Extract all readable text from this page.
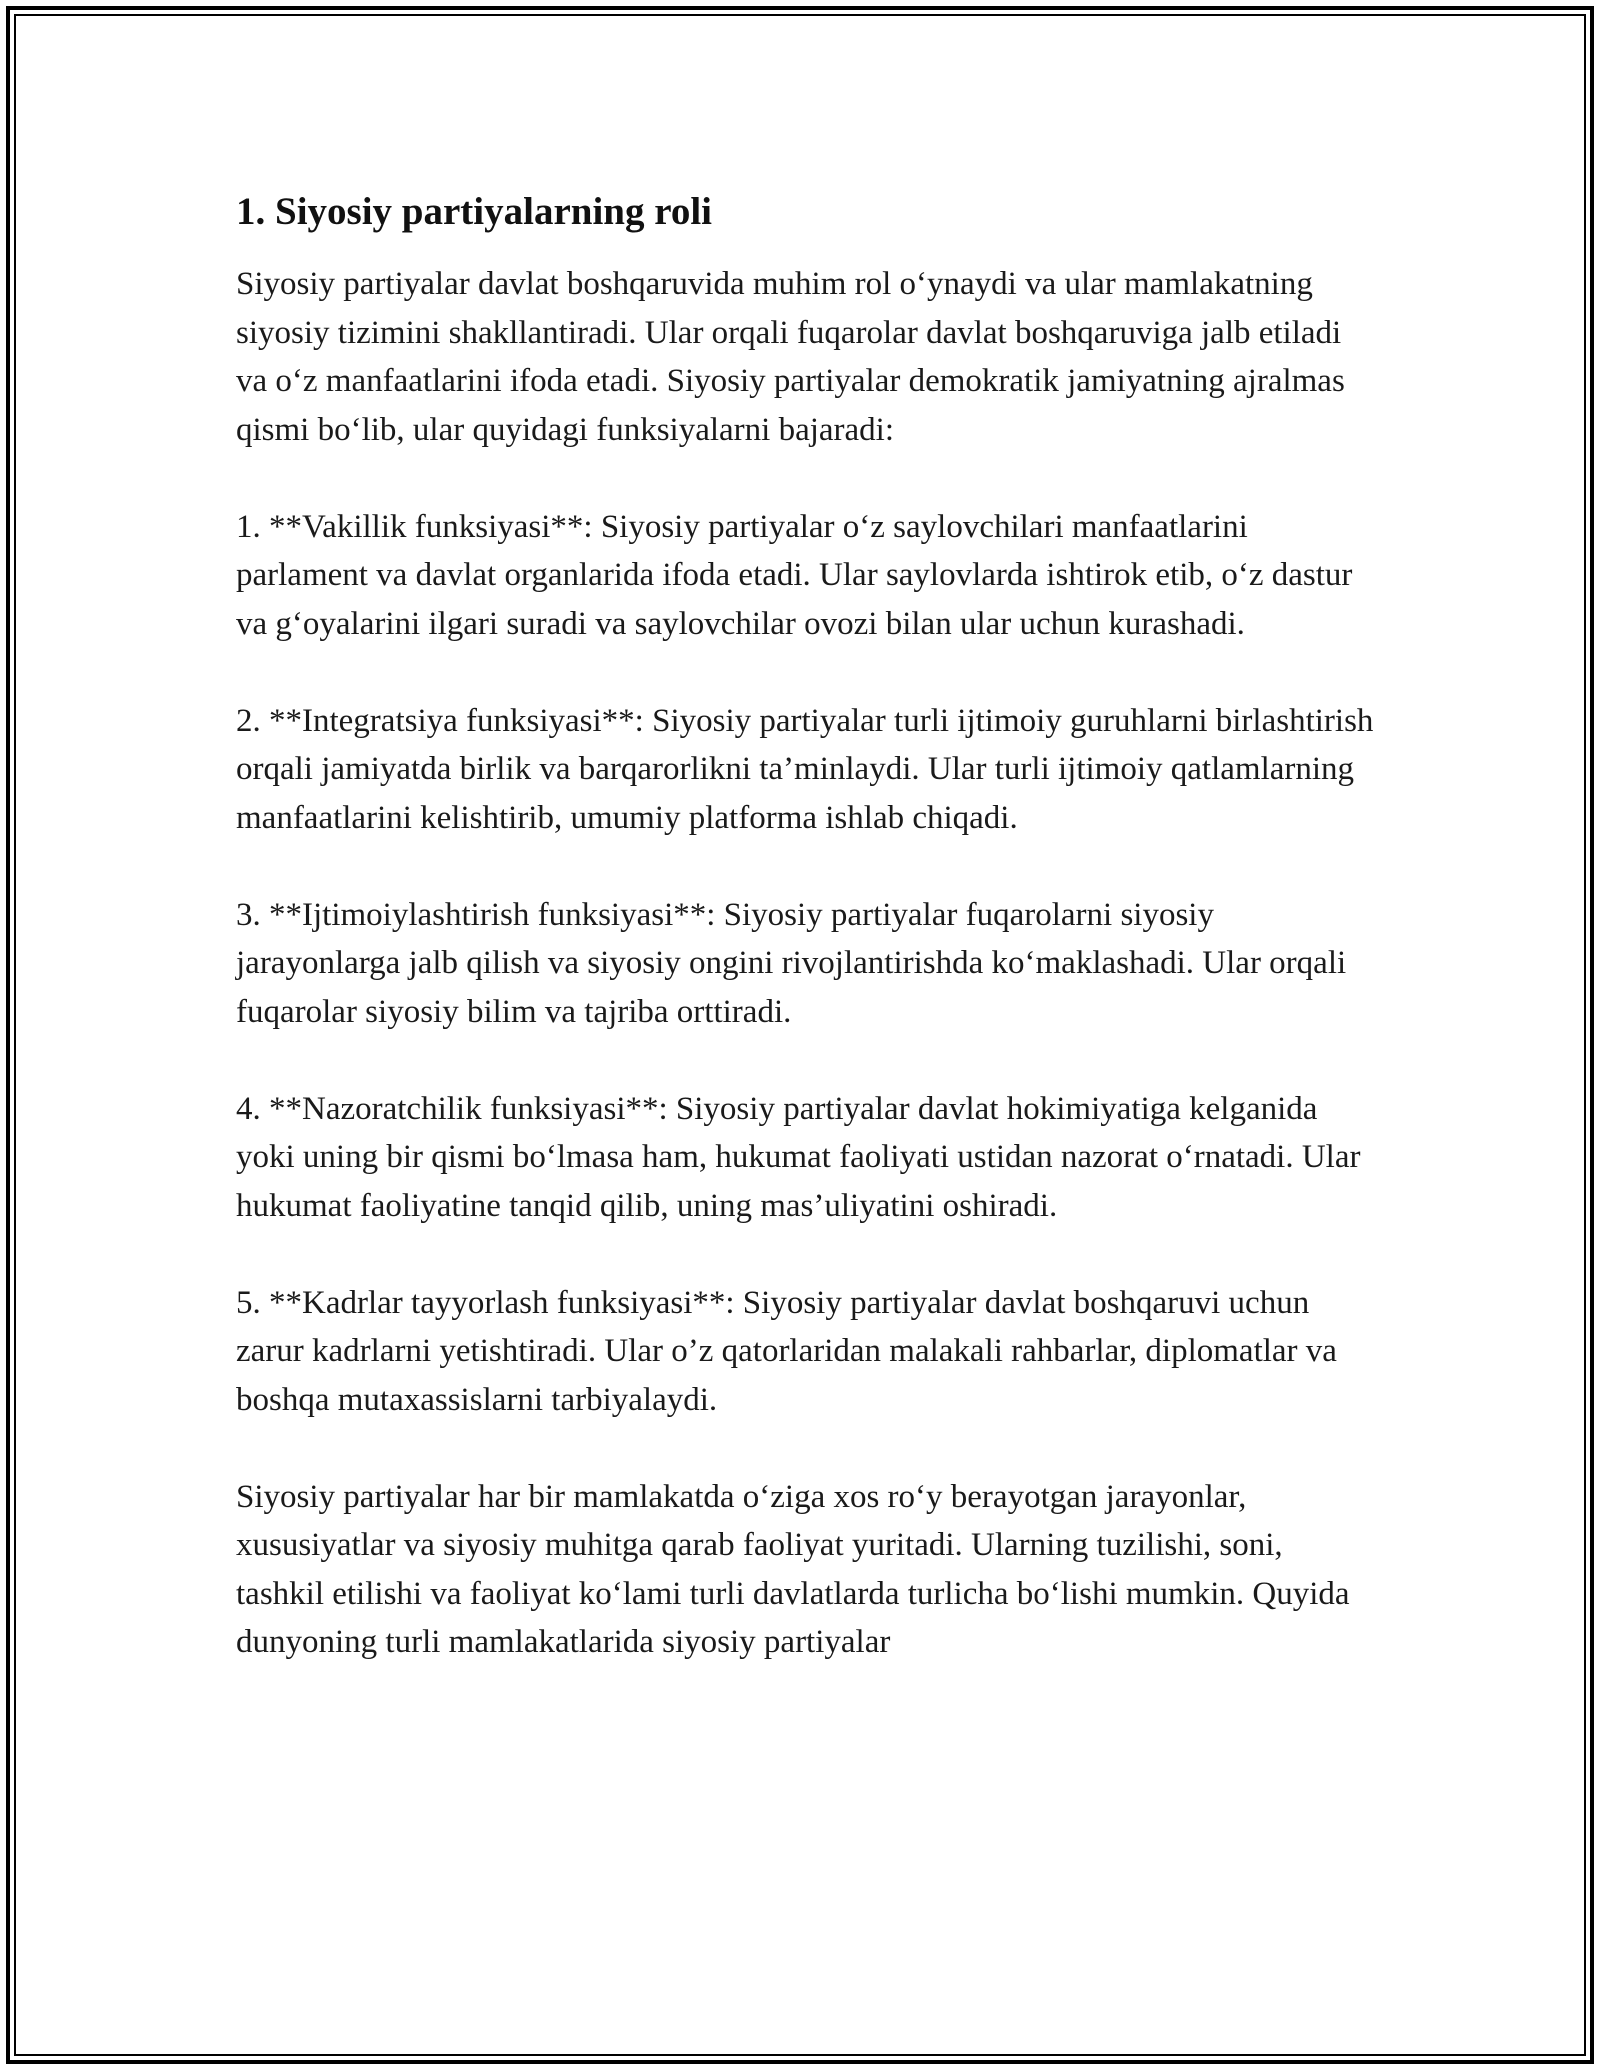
1. Siyosiy partiyalarning roli

Siyosiy partiyalar davlat boshqaruvida muhim rol o‘ynaydi va ular mamlakatning siyosiy tizimini shakllantiradi. Ular orqali fuqarolar davlat boshqaruviga jalb etiladi va o‘z manfaatlarini ifoda etadi. Siyosiy partiyalar demokratik jamiyatning ajralmas qismi bo‘lib, ular quyidagi funksiyalarni bajaradi:

1. **Vakillik funksiyasi**: Siyosiy partiyalar o‘z saylovchilari manfaatlarini parlament va davlat organlarida ifoda etadi. Ular saylovlarda ishtirok etib, o‘z dastur va g‘oyalarini ilgari suradi va saylovchilar ovozi bilan ular uchun kurashadi.

2. **Integratsiya funksiyasi**: Siyosiy partiyalar turli ijtimoiy guruhlarni birlashtirish orqali jamiyatda birlik va barqarorlikni ta’minlaydi. Ular turli ijtimoiy qatlamlarning manfaatlarini kelishtirib, umumiy platforma ishlab chiqadi.

3. **Ijtimoiylashtirish funksiyasi**: Siyosiy partiyalar fuqarolarni siyosiy jarayonlarga jalb qilish va siyosiy ongini rivojlantirishda ko‘maklashadi. Ular orqali fuqarolar siyosiy bilim va tajriba orttiradi.

4. **Nazoratchilik funksiyasi**: Siyosiy partiyalar davlat hokimiyatiga kelganida yoki uning bir qismi bo‘lmasa ham, hukumat faoliyati ustidan nazorat o‘rnatadi. Ular hukumat faoliyatine tanqid qilib, uning mas’uliyatini oshiradi.

5. **Kadrlar tayyorlash funksiyasi**: Siyosiy partiyalar davlat boshqaruvi uchun zarur kadrlarni yetishtiradi. Ular o’z qatorlaridan malakali rahbarlar, diplomatlar va boshqa mutaxassislarni tarbiyalaydi.

Siyosiy partiyalar har bir mamlakatda o‘ziga xos ro‘y berayotgan jarayonlar, xususiyatlar va siyosiy muhitga qarab faoliyat yuritadi. Ularning tuzilishi, soni, tashkil etilishi va faoliyat ko‘lami turli davlatlarda turlicha bo‘lishi mumkin. Quyida dunyoning turli mamlakatlarida siyosiy partiyalar
